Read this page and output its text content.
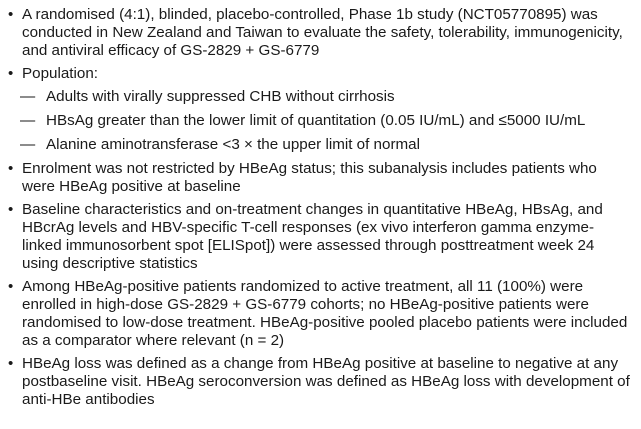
• A randomised (4:1), blinded, placebo-controlled, Phase 1b study (NCT05770895) was conducted in New Zealand and Taiwan to evaluate the safety, tolerability, immunogenicity, and antiviral efficacy of GS-2829 + GS-6779
• Population:
— Adults with virally suppressed CHB without cirrhosis
— HBsAg greater than the lower limit of quantitation (0.05 IU/mL) and ≤5000 IU/mL
— Alanine aminotransferase <3 × the upper limit of normal
• Enrolment was not restricted by HBeAg status; this subanalysis includes patients who were HBeAg positive at baseline
• Baseline characteristics and on-treatment changes in quantitative HBeAg, HBsAg, and HBcrAg levels and HBV-specific T-cell responses (ex vivo interferon gamma enzyme-linked immunosorbent spot [ELISpot]) were assessed through posttreatment week 24 using descriptive statistics
• Among HBeAg-positive patients randomized to active treatment, all 11 (100%) were enrolled in high-dose GS-2829 + GS-6779 cohorts; no HBeAg-positive patients were randomised to low-dose treatment. HBeAg-positive pooled placebo patients were included as a comparator where relevant (n = 2)
• HBeAg loss was defined as a change from HBeAg positive at baseline to negative at any postbaseline visit. HBeAg seroconversion was defined as HBeAg loss with development of anti-HBe antibodies
